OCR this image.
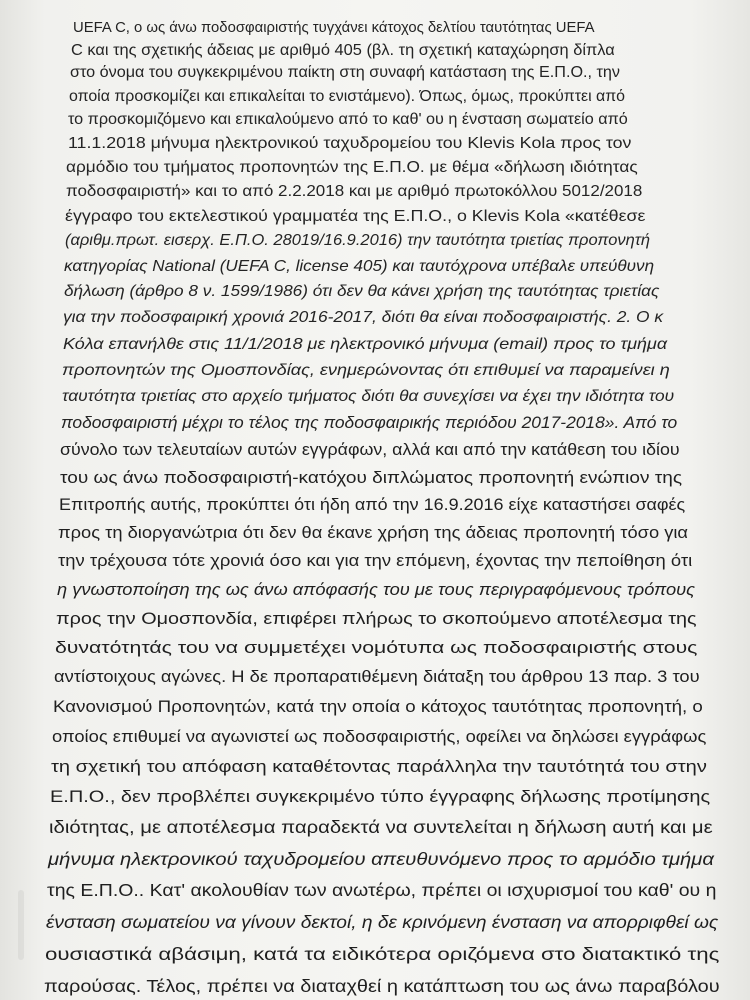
UEFA C, ο ως άνω ποδοσφαιριστής τυγχάνει κάτοχος δελτίου ταυτότητας UEFA
C και της σχετικής άδειας με αριθμό 405 (βλ. τη σχετική καταχώρηση δίπλα
στο όνομα του συγκεκριμένου παίκτη στη συναφή κατάσταση της Ε.Π.Ο., την
οποία προσκομίζει και επικαλείται το ενιστάμενο). Όπως, όμως, προκύπτει από
το προσκομιζόμενο και επικαλούμενο από το καθ' ου η ένσταση σωματείο από
11.1.2018 μήνυμα ηλεκτρονικού ταχυδρομείου του Klevis Kola προς τον
αρμόδιο του τμήματος προπονητών της Ε.Π.Ο. με θέμα «δήλωση ιδιότητας
ποδοσφαιριστή» και το από 2.2.2018 και με αριθμό πρωτοκόλλου 5012/2018
έγγραφο του εκτελεστικού γραμματέα της Ε.Π.Ο., ο Klevis Kola «κατέθεσε
(αριθμ.πρωτ. εισερχ. Ε.Π.Ο. 28019/16.9.2016) την ταυτότητα τριετίας προπονητή
κατηγορίας National (UEFA C, license 405) και ταυτόχρονα υπέβαλε υπεύθυνη
δήλωση (άρθρο 8 ν. 1599/1986) ότι δεν θα κάνει χρήση της ταυτότητας τριετίας
για την ποδοσφαιρική χρονιά 2016-2017, διότι θα είναι ποδοσφαιριστής. 2. Ο κ
Κόλα επανήλθε στις 11/1/2018 με ηλεκτρονικό μήνυμα (email) προς το τμήμα
προπονητών της Ομοσπονδίας, ενημερώνοντας ότι επιθυμεί να παραμείνει η
ταυτότητα τριετίας στο αρχείο τμήματος διότι θα συνεχίσει να έχει την ιδιότητα του
ποδοσφαιριστή μέχρι το τέλος της ποδοσφαιρικής περιόδου 2017-2018». Από το
σύνολο των τελευταίων αυτών εγγράφων, αλλά και από την κατάθεση του ιδίου
του ως άνω ποδοσφαιριστή-κατόχου διπλώματος προπονητή ενώπιον της
Επιτροπής αυτής, προκύπτει ότι ήδη από την 16.9.2016 είχε καταστήσει σαφές
προς τη διοργανώτρια ότι δεν θα έκανε χρήση της άδειας προπονητή τόσο για
την τρέχουσα τότε χρονιά όσο και για την επόμενη, έχοντας την πεποίθηση ότι
η γνωστοποίηση της ως άνω απόφασής του με τους περιγραφόμενους τρόπους
προς την Ομοσπονδία, επιφέρει πλήρως το σκοπούμενο αποτέλεσμα της
δυνατότητάς του να συμμετέχει νομότυπα ως ποδοσφαιριστής στους
αντίστοιχους αγώνες. Η δε προπαρατιθέμενη διάταξη του άρθρου 13 παρ. 3 του
Κανονισμού Προπονητών, κατά την οποία ο κάτοχος ταυτότητας προπονητή, ο
οποίος επιθυμεί να αγωνιστεί ως ποδοσφαιριστής, οφείλει να δηλώσει εγγράφως
τη σχετική του απόφαση καταθέτοντας παράλληλα την ταυτότητά του στην
Ε.Π.Ο., δεν προβλέπει συγκεκριμένο τύπο έγγραφης δήλωσης προτίμησης
ιδιότητας, με αποτέλεσμα παραδεκτά να συντελείται η δήλωση αυτή και με
μήνυμα ηλεκτρονικού ταχυδρομείου απευθυνόμενο προς το αρμόδιο τμήμα
της Ε.Π.Ο.. Κατ' ακολουθίαν των ανωτέρω, πρέπει οι ισχυρισμοί του καθ' ου η
ένσταση σωματείου να γίνουν δεκτοί, η δε κρινόμενη ένσταση να απορριφθεί ως
ουσιαστικά αβάσιμη, κατά τα ειδικότερα οριζόμενα στο διατακτικό της
παρούσας. Τέλος, πρέπει να διαταχθεί η κατάπτωση του ως άνω παραβόλου
